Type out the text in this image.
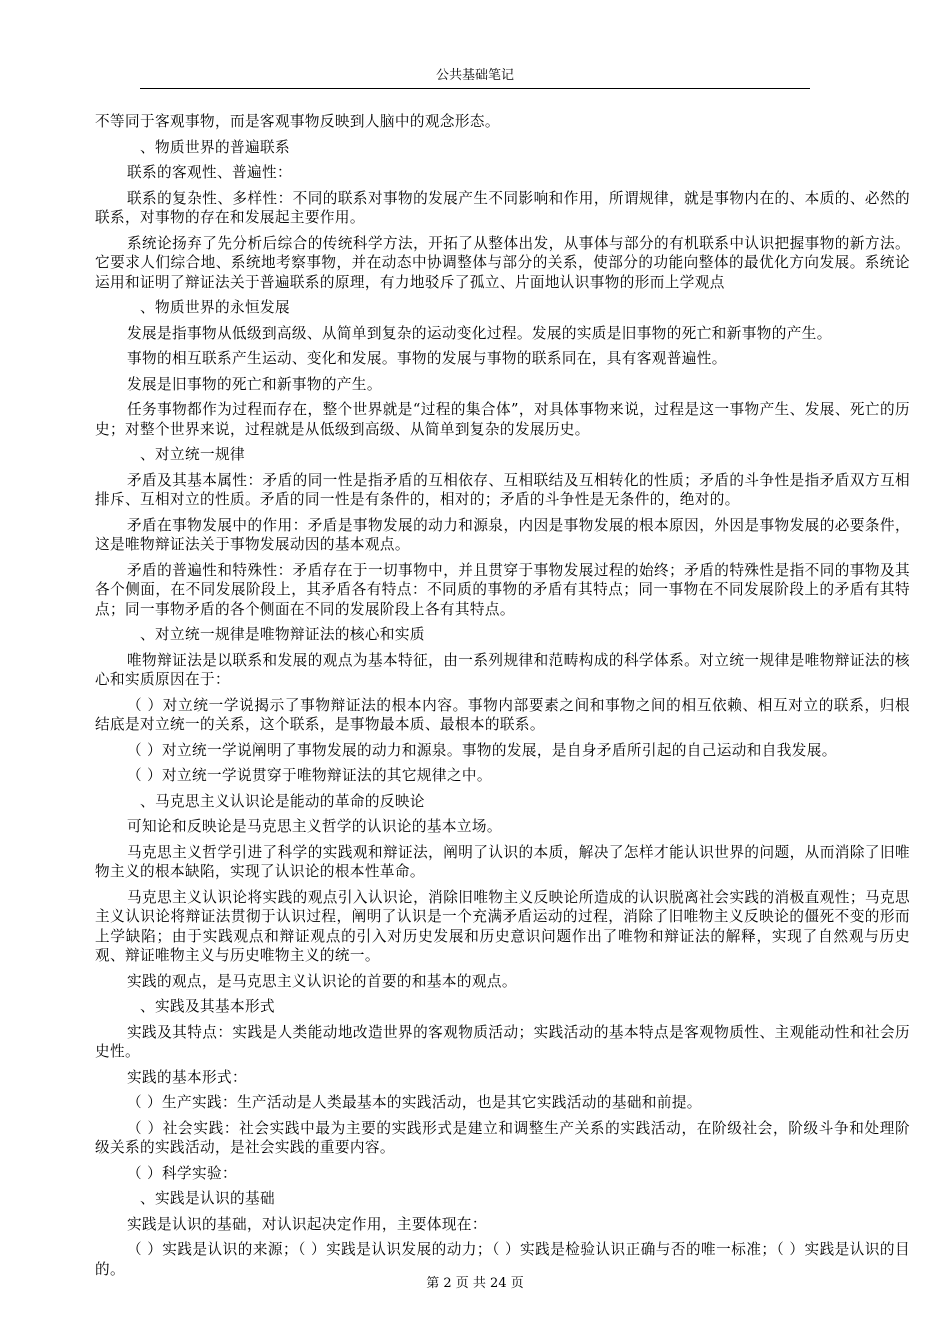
公共基础笔记

不等同于客观事物，而是客观事物反映到人脑中的观念形态。

、物质世界的普遍联系

联系的客观性、普遍性：

联系的复杂性、多样性：不同的联系对事物的发展产生不同影响和作用，所谓规律，就是事物内在的、本质的、必然的联系，对事物的存在和发展起主要作用。

系统论扬弃了先分析后综合的传统科学方法，开拓了从整体出发，从事体与部分的有机联系中认识把握事物的新方法。它要求人们综合地、系统地考察事物，并在动态中协调整体与部分的关系，使部分的功能向整体的最优化方向发展。系统论运用和证明了辩证法关于普遍联系的原理，有力地驳斥了孤立、片面地认识事物的形而上学观点

、物质世界的永恒发展

发展是指事物从低级到高级、从简单到复杂的运动变化过程。发展的实质是旧事物的死亡和新事物的产生。

事物的相互联系产生运动、变化和发展。事物的发展与事物的联系同在，具有客观普遍性。

发展是旧事物的死亡和新事物的产生。

任务事物都作为过程而存在，整个世界就是“过程的集合体”，对具体事物来说，过程是这一事物产生、发展、死亡的历史；对整个世界来说，过程就是从低级到高级、从简单到复杂的发展历史。

、对立统一规律

矛盾及其基本属性：矛盾的同一性是指矛盾的互相依存、互相联结及互相转化的性质；矛盾的斗争性是指矛盾双方互相排斥、互相对立的性质。矛盾的同一性是有条件的，相对的；矛盾的斗争性是无条件的，绝对的。

矛盾在事物发展中的作用：矛盾是事物发展的动力和源泉，内因是事物发展的根本原因，外因是事物发展的必要条件，这是唯物辩证法关于事物发展动因的基本观点。

矛盾的普遍性和特殊性：矛盾存在于一切事物中，并且贯穿于事物发展过程的始终；矛盾的特殊性是指不同的事物及其各个侧面，在不同发展阶段上，其矛盾各有特点：不同质的事物的矛盾有其特点；同一事物在不同发展阶段上的矛盾有其特点；同一事物矛盾的各个侧面在不同的发展阶段上各有其特点。

、对立统一规律是唯物辩证法的核心和实质

唯物辩证法是以联系和发展的观点为基本特征，由一系列规律和范畴构成的科学体系。对立统一规律是唯物辩证法的核心和实质原因在于：

（ ）对立统一学说揭示了事物辩证法的根本内容。事物内部要素之间和事物之间的相互依赖、相互对立的联系，归根结底是对立统一的关系，这个联系，是事物最本质、最根本的联系。

（ ）对立统一学说阐明了事物发展的动力和源泉。事物的发展，是自身矛盾所引起的自己运动和自我发展。

（ ）对立统一学说贯穿于唯物辩证法的其它规律之中。

、马克思主义认识论是能动的革命的反映论

可知论和反映论是马克思主义哲学的认识论的基本立场。

马克思主义哲学引进了科学的实践观和辩证法，阐明了认识的本质，解决了怎样才能认识世界的问题，从而消除了旧唯物主义的根本缺陷，实现了认识论的根本性革命。

马克思主义认识论将实践的观点引入认识论，消除旧唯物主义反映论所造成的认识脱离社会实践的消极直观性；马克思主义认识论将辩证法贯彻于认识过程，阐明了认识是一个充满矛盾运动的过程，消除了旧唯物主义反映论的僵死不变的形而上学缺陷；由于实践观点和辩证观点的引入对历史发展和历史意识问题作出了唯物和辩证法的解释，实现了自然观与历史观、辩证唯物主义与历史唯物主义的统一。

实践的观点，是马克思主义认识论的首要的和基本的观点。

、实践及其基本形式

实践及其特点：实践是人类能动地改造世界的客观物质活动；实践活动的基本特点是客观物质性、主观能动性和社会历史性。

实践的基本形式：

（ ）生产实践：生产活动是人类最基本的实践活动，也是其它实践活动的基础和前提。

（ ）社会实践：社会实践中最为主要的实践形式是建立和调整生产关系的实践活动，在阶级社会，阶级斗争和处理阶级关系的实践活动，是社会实践的重要内容。

（ ）科学实验：

、实践是认识的基础

实践是认识的基础，对认识起决定作用，主要体现在：

（ ）实践是认识的来源；（ ）实践是认识发展的动力；（ ）实践是检验认识正确与否的唯一标准；（ ）实践是认识的目的。

第 2 页 共 24 页
